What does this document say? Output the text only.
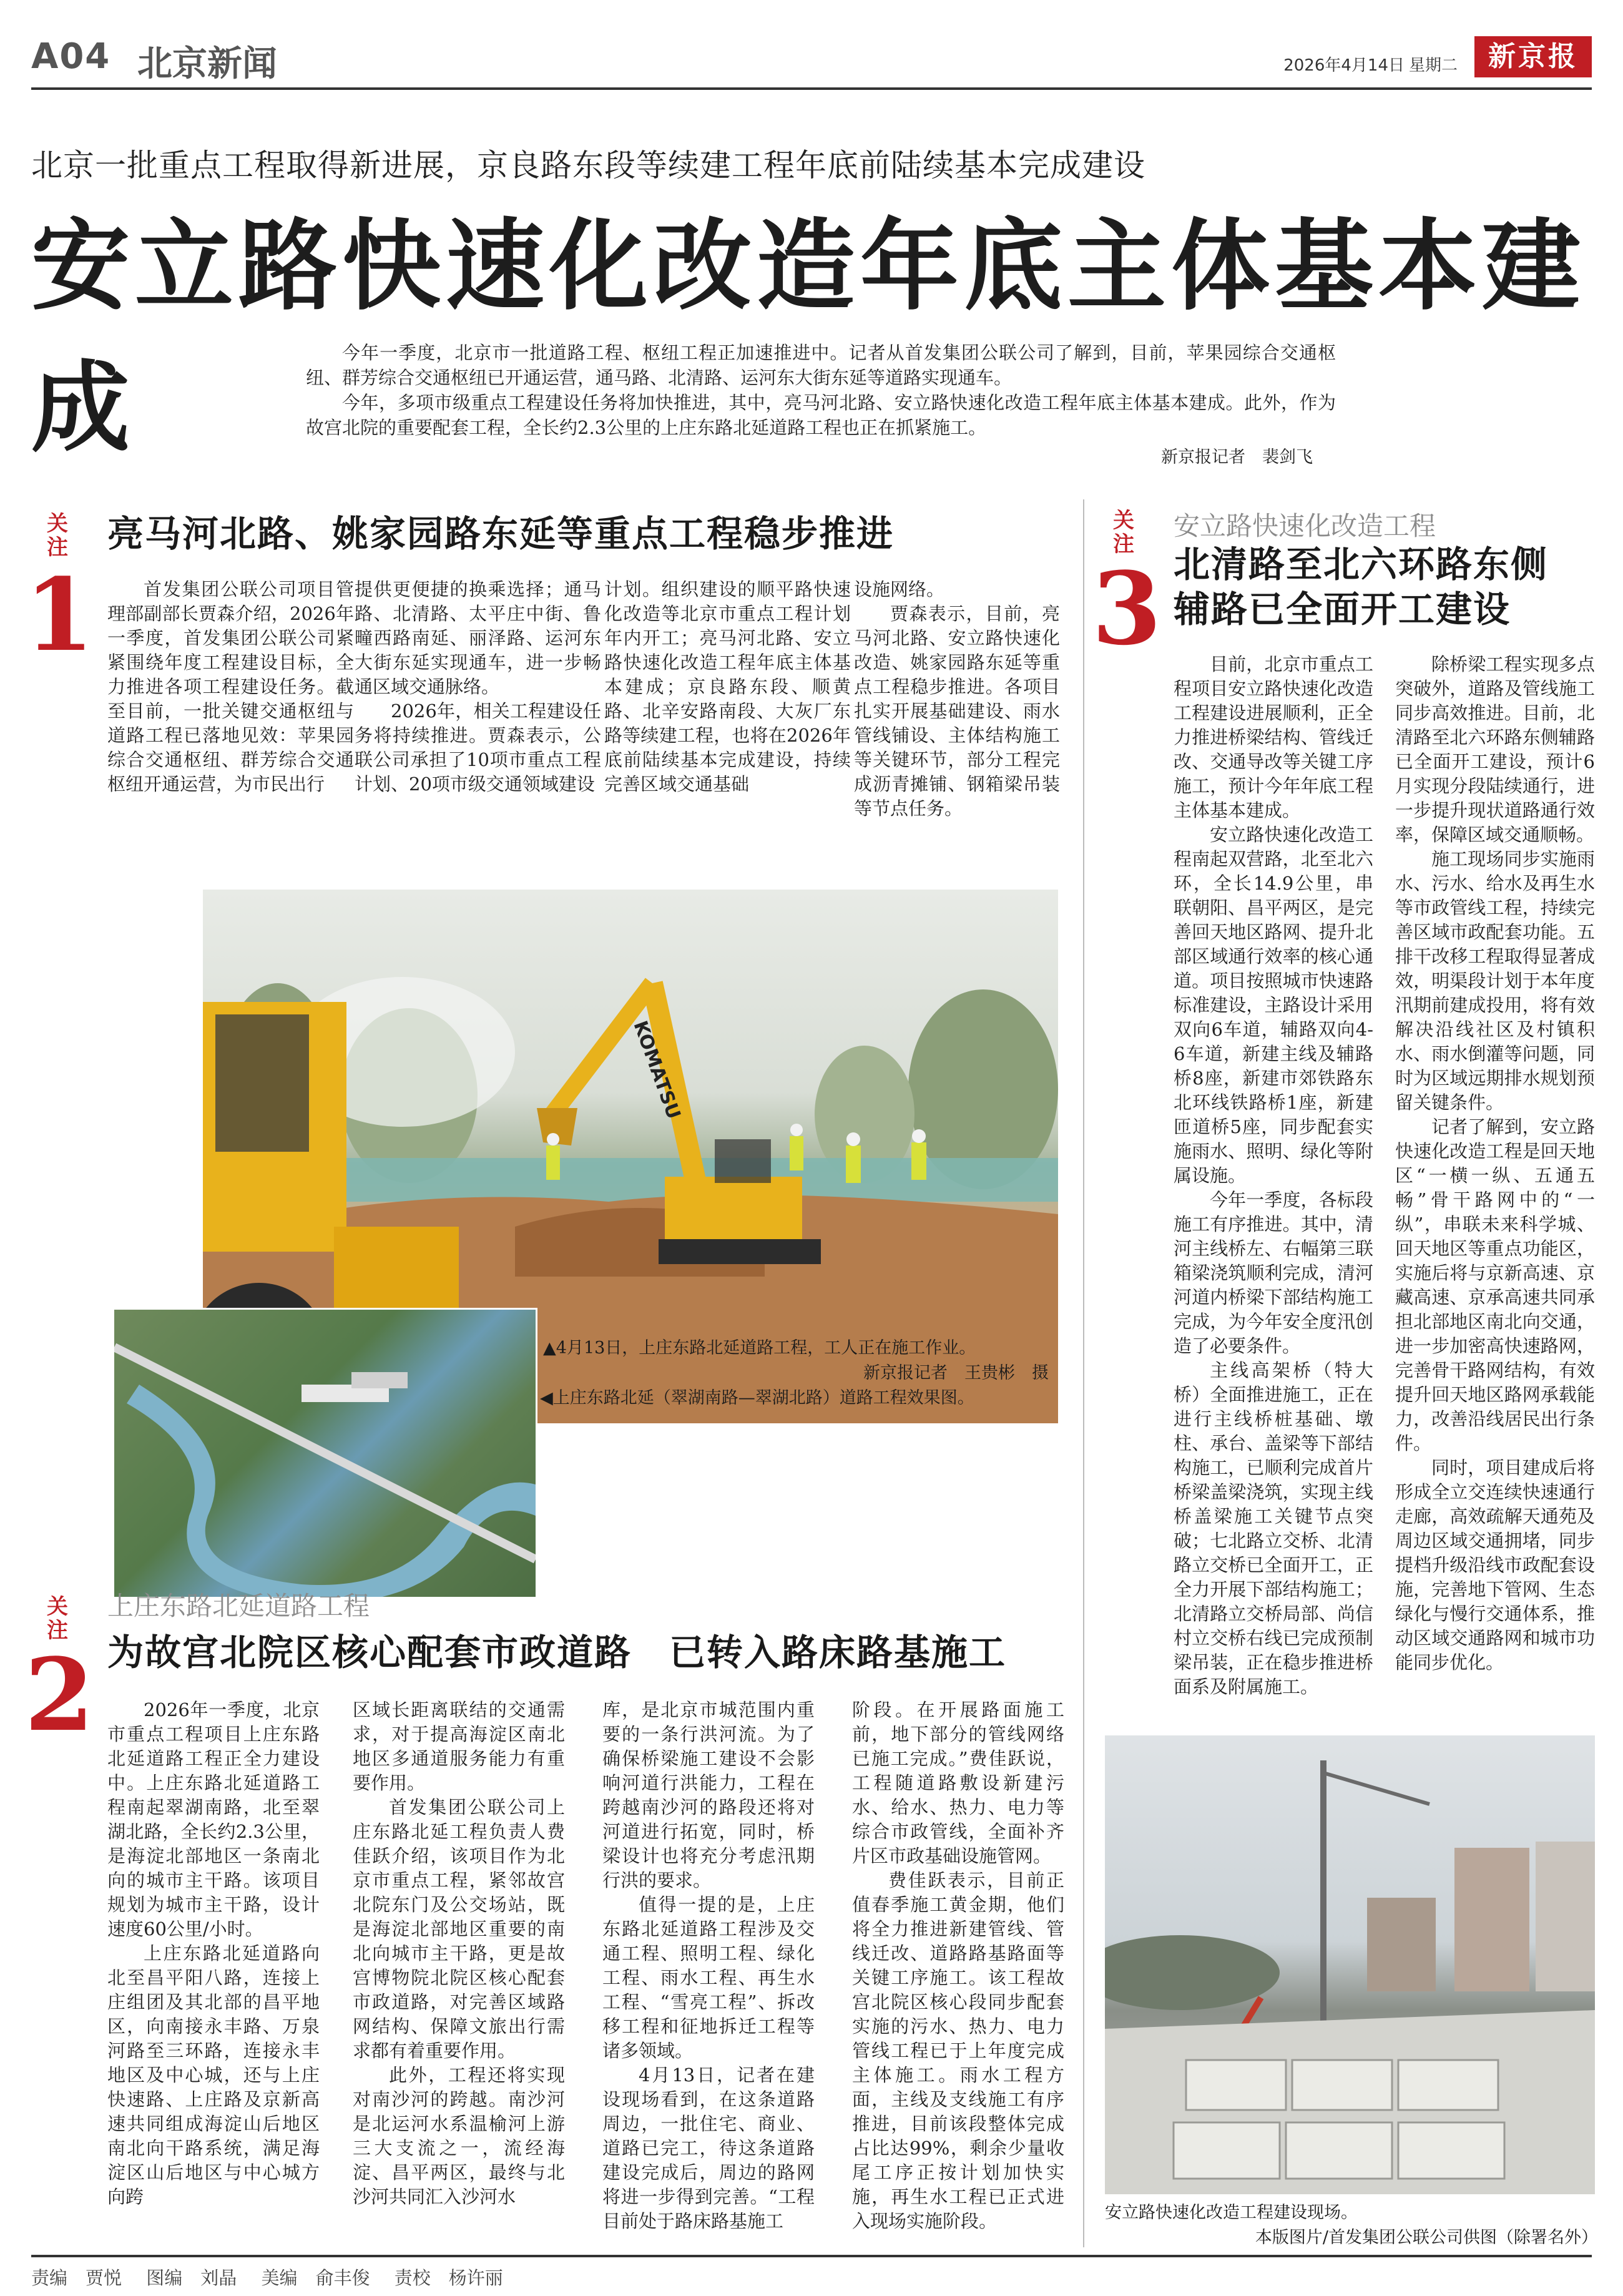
A04 北京新闻	2026年4月14日 星期二	新京报
北京一批重点工程取得新进展，京良路东段等续建工程年底前陆续基本完成建设
安立路快速化改造年底主体基本建成	今年一季度，北京市一批道路工程、枢纽工程正加速推进中。记者从首发集团公联公司了解到，目前，苹果园综合交通枢纽、群芳综合交通枢纽已开通运营，通马路、北清路、运河东大街东延等道路实现通车。

今年，多项市级重点工程建设任务将加快推进，其中，亮马河北路、安立路快速化改造工程年底主体基本建成。此外，作为故宫北院的重要配套工程，全长约2.3公里的上庄东路北延道路工程也正在抓紧施工。

新京报记者　裴剑飞
关注
1
亮马河北路、姚家园路东延等重点工程稳步推进

首发集团公联公司项目管理部副部长贾森介绍，2026年一季度，首发集团公联公司紧紧围绕年度工程建设目标，全力推进各项工程建设任务。截至目前，一批关键交通枢纽与道路工程已落地见效：苹果园综合交通枢纽、群芳综合交通枢纽开通运营，为市民出行

提供更便捷的换乘选择；通马路、北清路、太平庄中街、鲁疃西路南延、丽泽路、运河东大街东延实现通车，进一步畅通区域交通脉络。

2026年，相关工程建设任务将持续推进。贾森表示，公联公司承担了10项市重点工程计划、20项市级交通领域建设

计划。组织建设的顺平路快速化改造等北京市重点工程计划年内开工；亮马河北路、安立路快速化改造工程年底主体基本建成；京良路东段、顺黄路、北辛安路南段、大灰厂东路等续建工程，也将在2026年底前陆续基本完成建设，持续完善区域交通基础

设施网络。

贾森表示，目前，亮马河北路、安立路快速化改造、姚家园路东延等重点工程稳步推进。各项目扎实开展基础建设、雨水管线铺设、主体结构施工等关键环节，部分工程完成沥青摊铺、钢箱梁吊装等节点任务。

KOMATSU
▲4月13日，上庄东路北延道路工程，工人正在施工作业。
新京报记者　王贵彬　摄
◀上庄东路北延（翠湖南路—翠湖北路）道路工程效果图。
关注
2
上庄东路北延道路工程
为故宫北院区核心配套市政道路　已转入路床路基施工

2026年一季度，北京市重点工程项目上庄东路北延道路工程正全力建设中。上庄东路北延道路工程南起翠湖南路，北至翠湖北路，全长约2.3公里，是海淀北部地区一条南北向的城市主干路。该项目规划为城市主干路，设计速度60公里/小时。

上庄东路北延道路向北至昌平阳八路，连接上庄组团及其北部的昌平地区，向南接永丰路、万泉河路至三环路，连接永丰地区及中心城，还与上庄快速路、上庄路及京新高速共同组成海淀山后地区南北向干路系统，满足海淀区山后地区与中心城方向跨

区域长距离联结的交通需求，对于提高海淀区南北地区多通道服务能力有重要作用。

首发集团公联公司上庄东路北延工程负责人费佳跃介绍，该项目作为北京市重点工程，紧邻故宫北院东门及公交场站，既是海淀北部地区重要的南北向城市主干路，更是故宫博物院北院区核心配套市政道路，对完善区域路网结构、保障文旅出行需求都有着重要作用。

此外，工程还将实现对南沙河的跨越。南沙河是北运河水系温榆河上游三大支流之一，流经海淀、昌平两区，最终与北沙河共同汇入沙河水

库，是北京市城范围内重要的一条行洪河流。为了确保桥梁施工建设不会影响河道行洪能力，工程在跨越南沙河的路段还将对河道进行拓宽，同时，桥梁设计也将充分考虑汛期行洪的要求。

值得一提的是，上庄东路北延道路工程涉及交通工程、照明工程、绿化工程、雨水工程、再生水工程、“雪亮工程”、拆改移工程和征地拆迁工程等诸多领域。

4月13日，记者在建设现场看到，在这条道路周边，一批住宅、商业、道路已完工，待这条道路建设完成后，周边的路网将进一步得到完善。“工程目前处于路床路基施工

阶段。在开展路面施工前，地下部分的管线网络已施工完成。”费佳跃说，工程随道路敷设新建污水、给水、热力、电力等综合市政管线，全面补齐片区市政基础设施管网。

费佳跃表示，目前正值春季施工黄金期，他们将全力推进新建管线、管线迁改、道路路基路面等关键工序施工。该工程故宫北院区核心段同步配套实施的污水、热力、电力管线工程已于上年度完成主体施工。雨水工程方面，主线及支线施工有序推进，目前该段整体完成占比达99%，剩余少量收尾工序正按计划加快实施，再生水工程已正式进入现场实施阶段。

关注
3
安立路快速化改造工程
北清路至北六环路东侧
辅路已全面开工建设

目前，北京市重点工程项目安立路快速化改造工程建设进展顺利，正全力推进桥梁结构、管线迁改、交通导改等关键工序施工，预计今年年底工程主体基本建成。

安立路快速化改造工程南起双营路，北至北六环，全长14.9公里，串联朝阳、昌平两区，是完善回天地区路网、提升北部区域通行效率的核心通道。项目按照城市快速路标准建设，主路设计采用双向6车道，辅路双向4-6车道，新建主线及辅路桥8座，新建市郊铁路东北环线铁路桥1座，新建匝道桥5座，同步配套实施雨水、照明、绿化等附属设施。

今年一季度，各标段施工有序推进。其中，清河主线桥左、右幅第三联箱梁浇筑顺利完成，清河河道内桥梁下部结构施工完成，为今年安全度汛创造了必要条件。

主线高架桥（特大桥）全面推进施工，正在进行主线桥桩基础、墩柱、承台、盖梁等下部结构施工，已顺利完成首片桥梁盖梁浇筑，实现主线桥盖梁施工关键节点突破；七北路立交桥、北清路立交桥已全面开工，正全力开展下部结构施工；北清路立交桥局部、尚信村立交桥右线已完成预制梁吊装，正在稳步推进桥面系及附属施工。

除桥梁工程实现多点突破外，道路及管线施工同步高效推进。目前，北清路至北六环路东侧辅路已全面开工建设，预计6月实现分段陆续通行，进一步提升现状道路通行效率，保障区域交通顺畅。

施工现场同步实施雨水、污水、给水及再生水等市政管线工程，持续完善区域市政配套功能。五排干改移工程取得显著成效，明渠段计划于本年度汛期前建成投用，将有效解决沿线社区及村镇积水、雨水倒灌等问题，同时为区域远期排水规划预留关键条件。

记者了解到，安立路快速化改造工程是回天地区“一横一纵、五通五畅”骨干路网中的“一纵”，串联未来科学城、回天地区等重点功能区，实施后将与京新高速、京藏高速、京承高速共同承担北部地区南北向交通，进一步加密高快速路网，完善骨干路网结构，有效提升回天地区路网承载能力，改善沿线居民出行条件。

同时，项目建成后将形成全立交连续快速通行走廊，高效疏解天通苑及周边区域交通拥堵，同步提档升级沿线市政配套设施，完善地下管网、生态绿化与慢行交通体系，推动区域交通路网和城市功能同步优化。

安立路快速化改造工程建设现场。
本版图片/首发集团公联公司供图（除署名外）
责编　贾悦 图编　刘晶 美编　俞丰俊 责校　杨许丽
